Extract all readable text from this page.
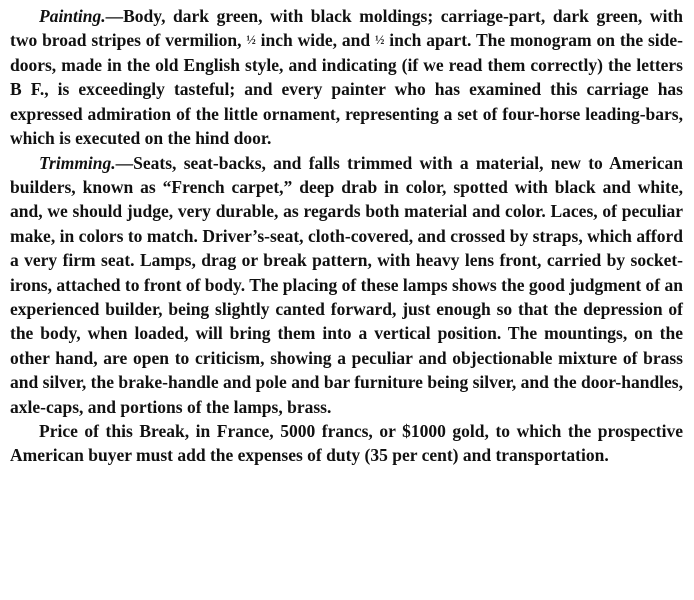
Painting.—Body, dark green, with black moldings; carriage-part, dark green, with two broad stripes of vermilion, ½ inch wide, and ½ inch apart. The monogram on the side-doors, made in the old English style, and indicating (if we read them correctly) the letters B F., is exceedingly tasteful; and every painter who has examined this carriage has expressed admiration of the little ornament, representing a set of four-horse leading-bars, which is executed on the hind door.

Trimming.—Seats, seat-backs, and falls trimmed with a material, new to American builders, known as “French carpet,” deep drab in color, spotted with black and white, and, we should judge, very durable, as regards both material and color. Laces, of peculiar make, in colors to match. Driver’s-seat, cloth-covered, and crossed by straps, which afford a very firm seat. Lamps, drag or break pattern, with heavy lens front, carried by socket-irons, attached to front of body. The placing of these lamps shows the good judgment of an experienced builder, being slightly canted forward, just enough so that the depression of the body, when loaded, will bring them into a vertical position. The mountings, on the other hand, are open to criticism, showing a peculiar and objectionable mixture of brass and silver, the brake-handle and pole and bar furniture being silver, and the door-handles, axle-caps, and portions of the lamps, brass.

Price of this Break, in France, 5000 francs, or $1000 gold, to which the prospective American buyer must add the expenses of duty (35 per cent) and transportation.
